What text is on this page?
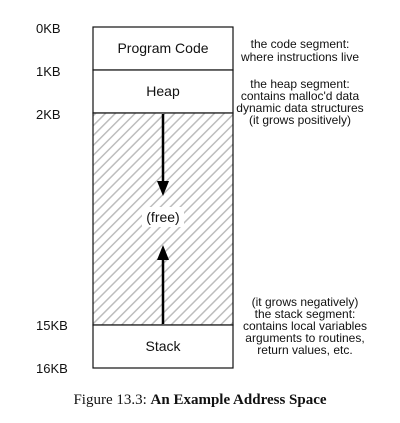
0KB
1KB
2KB
15KB
16KB
Program Code
Heap
(free)
Stack
the code segment:
where instructions live
the heap segment:
contains malloc'd data
dynamic data structures
(it grows positively)
(it grows negatively)
the stack segment:
contains local variables
arguments to routines,
return values, etc.
Figure 13.3: An Example Address Space
